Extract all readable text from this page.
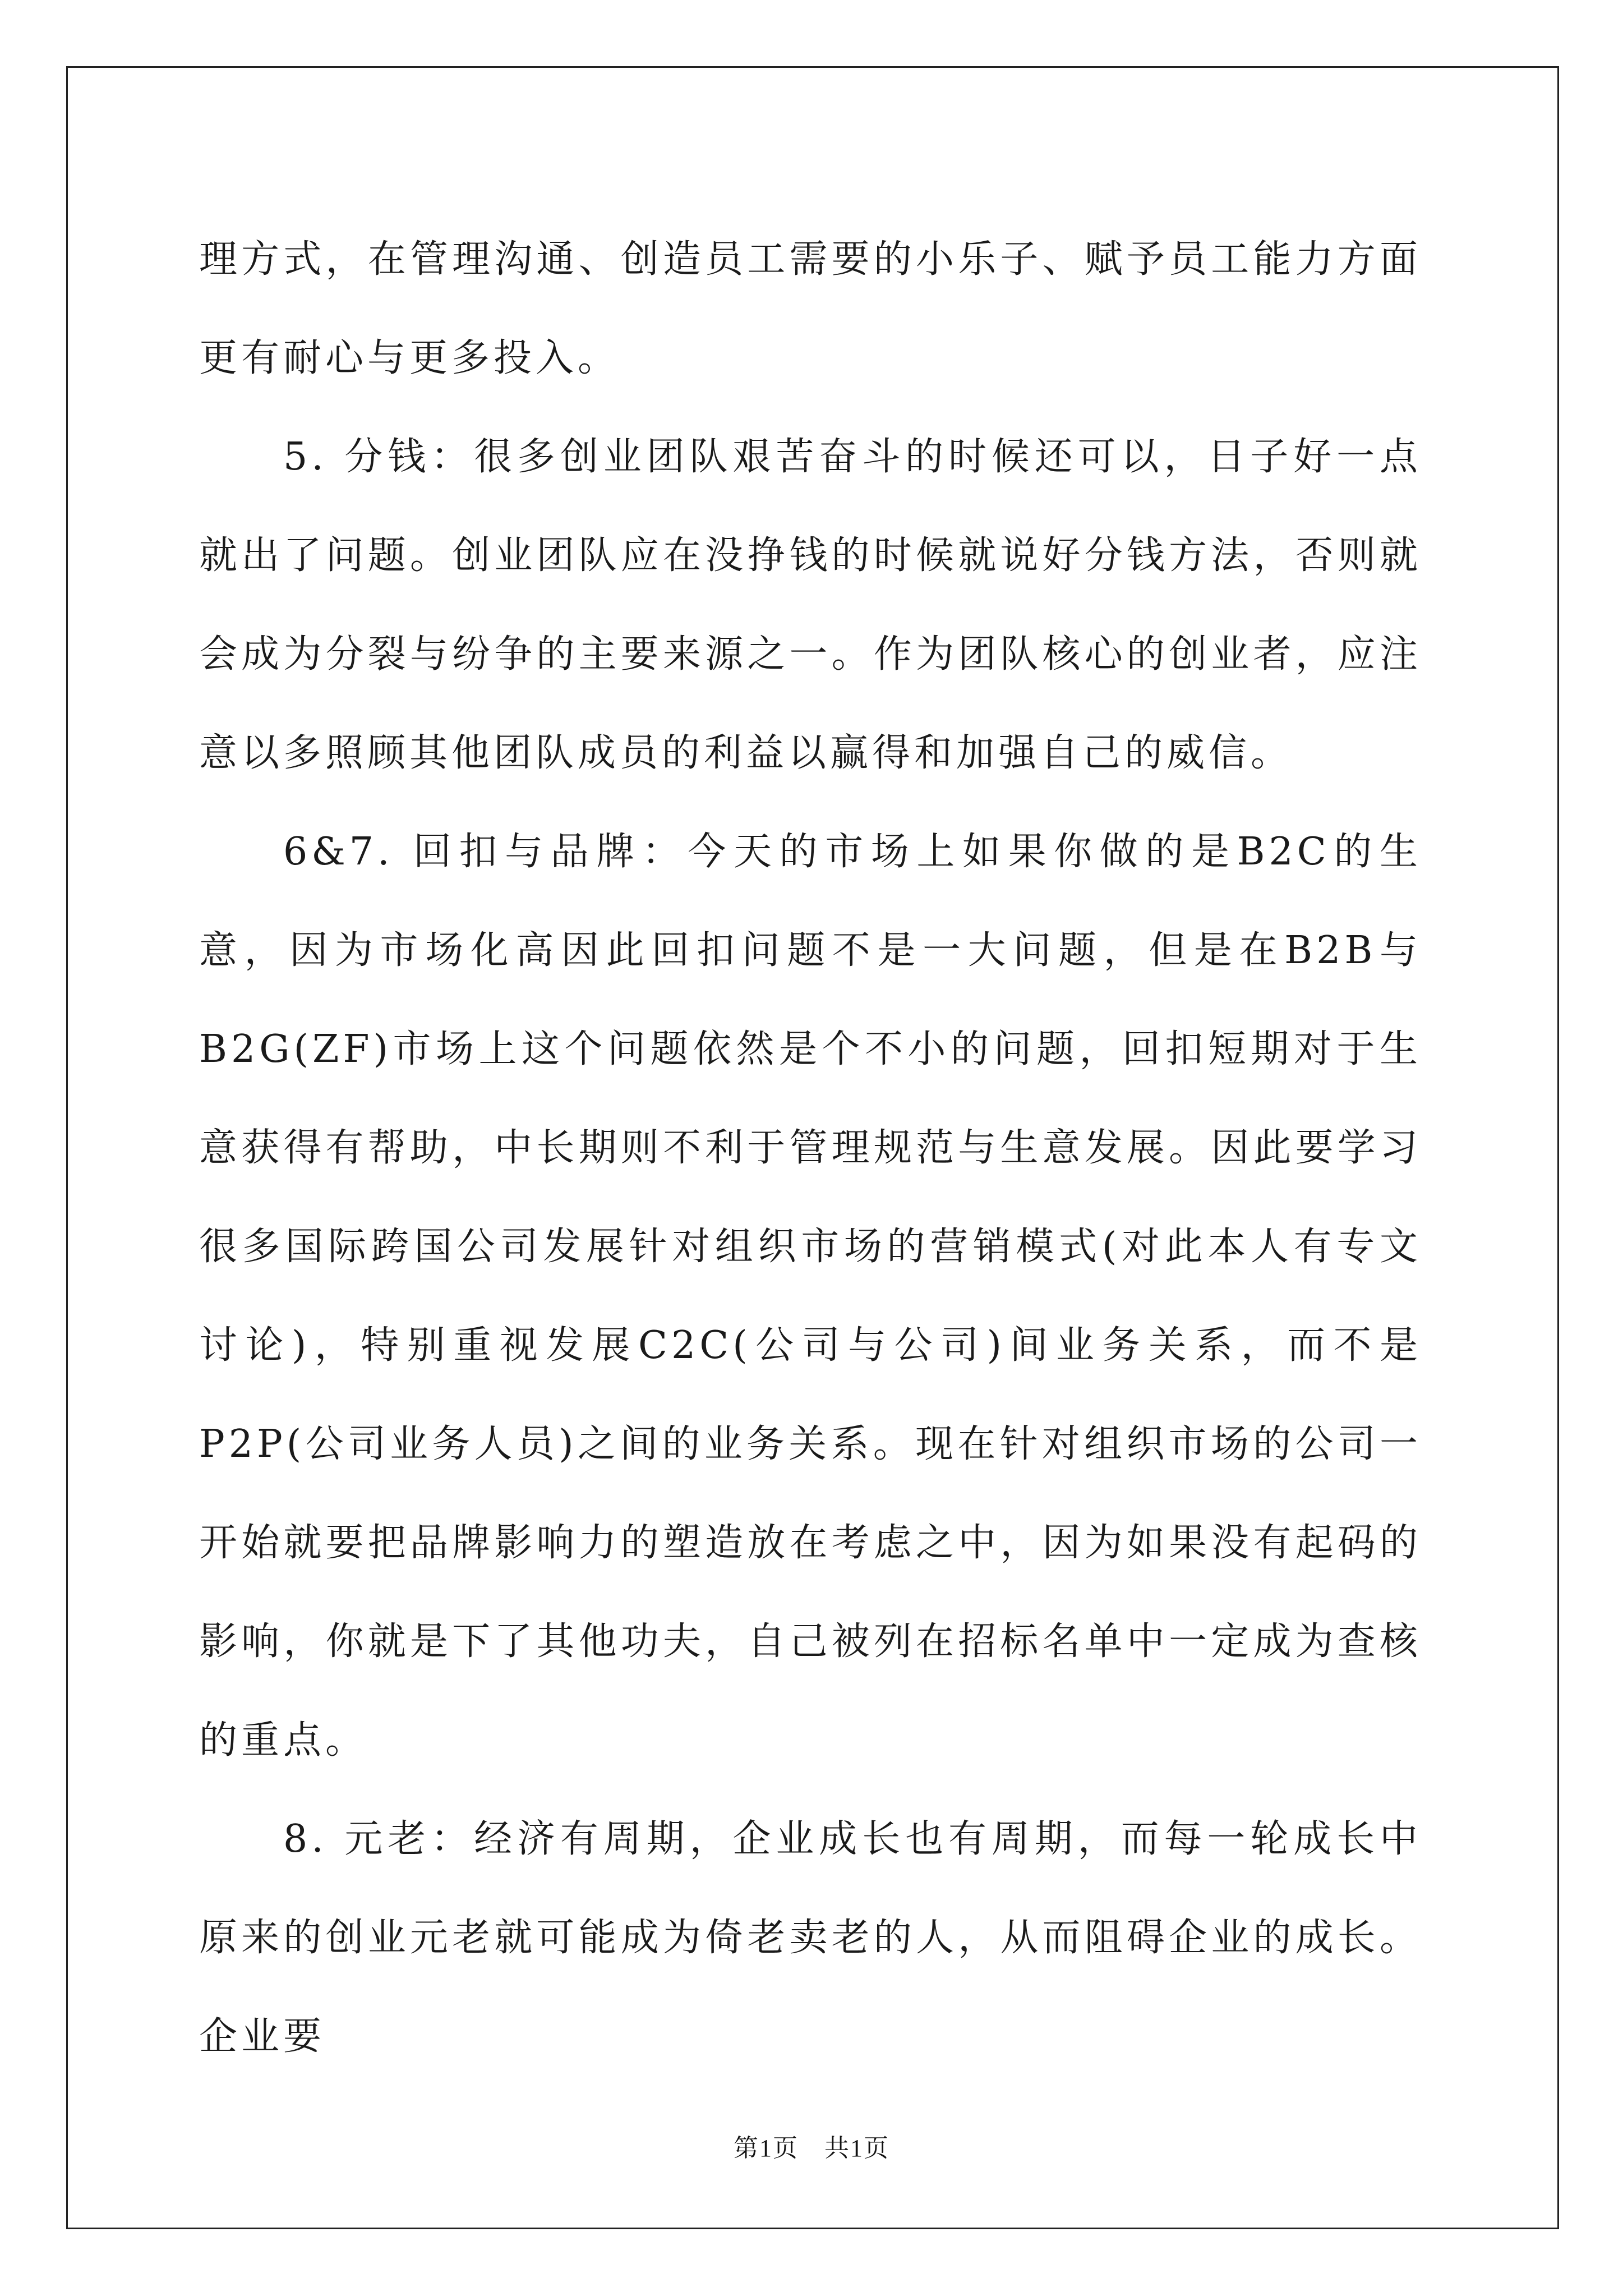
理方式，在管理沟通、创造员工需要的小乐子、赋予员工能力方面更有耐心与更多投入。

5. 分钱：很多创业团队艰苦奋斗的时候还可以，日子好一点就出了问题。创业团队应在没挣钱的时候就说好分钱方法，否则就会成为分裂与纷争的主要来源之一。作为团队核心的创业者，应注意以多照顾其他团队成员的利益以赢得和加强自己的威信。

6&7. 回扣与品牌：今天的市场上如果你做的是B2C的生意，因为市场化高因此回扣问题不是一大问题，但是在B2B与B2G(ZF)市场上这个问题依然是个不小的问题，回扣短期对于生意获得有帮助，中长期则不利于管理规范与生意发展。因此要学习很多国际跨国公司发展针对组织市场的营销模式(对此本人有专文讨论)，特别重视发展C2C(公司与公司)间业务关系，而不是P2P(公司业务人员)之间的业务关系。现在针对组织市场的公司一开始就要把品牌影响力的塑造放在考虑之中，因为如果没有起码的影响，你就是下了其他功夫，自己被列在招标名单中一定成为查核的重点。

8. 元老：经济有周期，企业成长也有周期，而每一轮成长中原来的创业元老就可能成为倚老卖老的人，从而阻碍企业的成长。企业要

第1页　共1页
